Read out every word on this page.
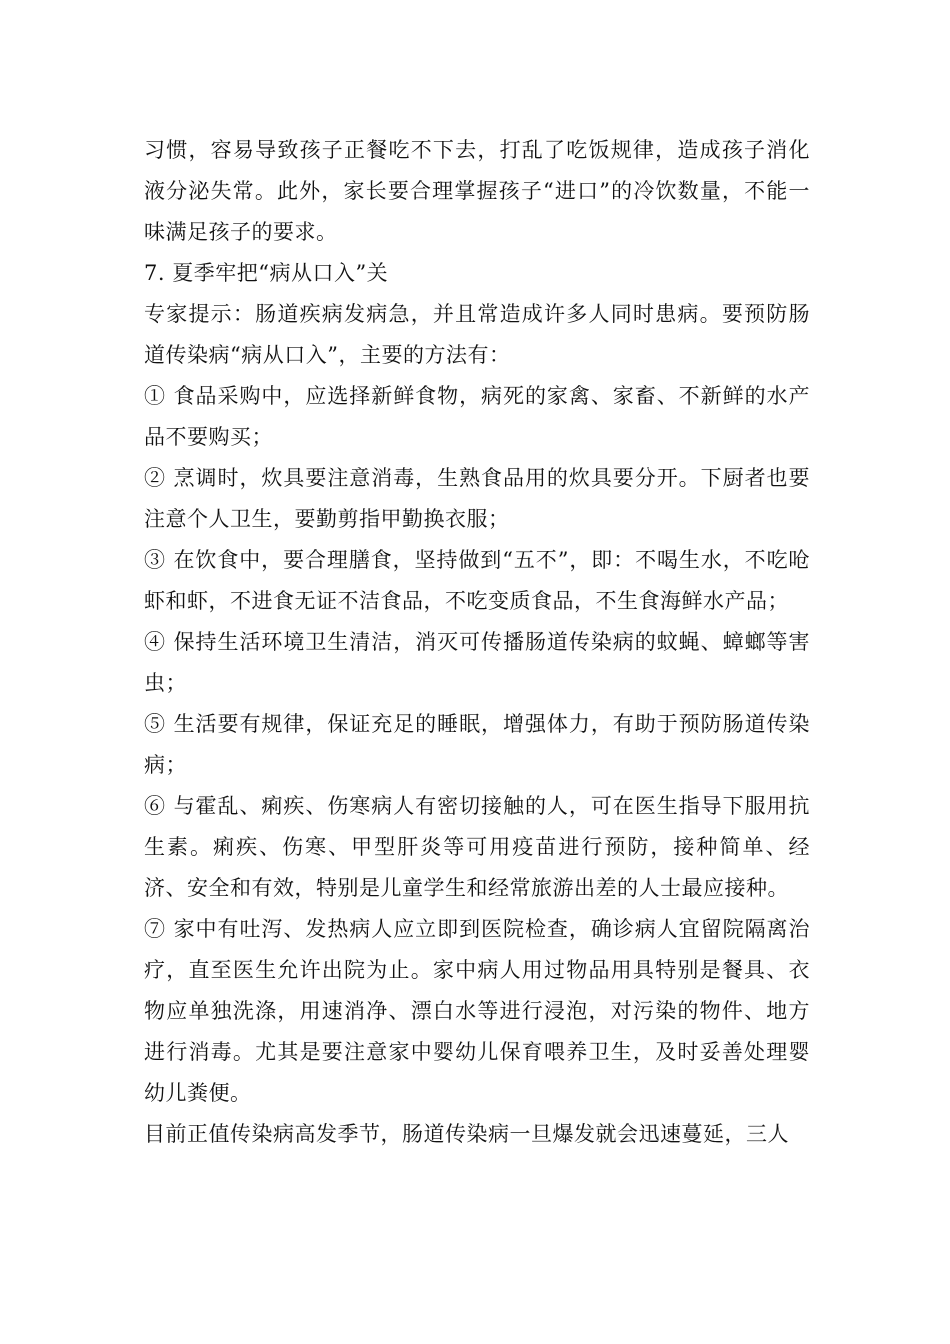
习惯，容易导致孩子正餐吃不下去，打乱了吃饭规律，造成孩子消化液分泌失常。此外，家长要合理掌握孩子“进口”的冷饮数量，不能一味满足孩子的要求。

7. 夏季牢把“病从口入”关

专家提示：肠道疾病发病急，并且常造成许多人同时患病。要预防肠道传染病“病从口入”，主要的方法有：

① 食品采购中，应选择新鲜食物，病死的家禽、家畜、不新鲜的水产品不要购买；

② 烹调时，炊具要注意消毒，生熟食品用的炊具要分开。下厨者也要注意个人卫生，要勤剪指甲勤换衣服；

③ 在饮食中，要合理膳食，坚持做到“五不”，即：不喝生水，不吃呛虾和虾，不进食无证不洁食品，不吃变质食品，不生食海鲜水产品；

④ 保持生活环境卫生清洁，消灭可传播肠道传染病的蚊蝇、蟑螂等害虫；

⑤ 生活要有规律，保证充足的睡眠，增强体力，有助于预防肠道传染病；

⑥ 与霍乱、痢疾、伤寒病人有密切接触的人，可在医生指导下服用抗生素。痢疾、伤寒、甲型肝炎等可用疫苗进行预防，接种简单、经济、安全和有效，特别是儿童学生和经常旅游出差的人士最应接种。

⑦ 家中有吐泻、发热病人应立即到医院检查，确诊病人宜留院隔离治疗，直至医生允许出院为止。家中病人用过物品用具特别是餐具、衣物应单独洗涤，用速消净、漂白水等进行浸泡，对污染的物件、地方进行消毒。尤其是要注意家中婴幼儿保育喂养卫生，及时妥善处理婴幼儿粪便。

目前正值传染病高发季节，肠道传染病一旦爆发就会迅速蔓延，三人
